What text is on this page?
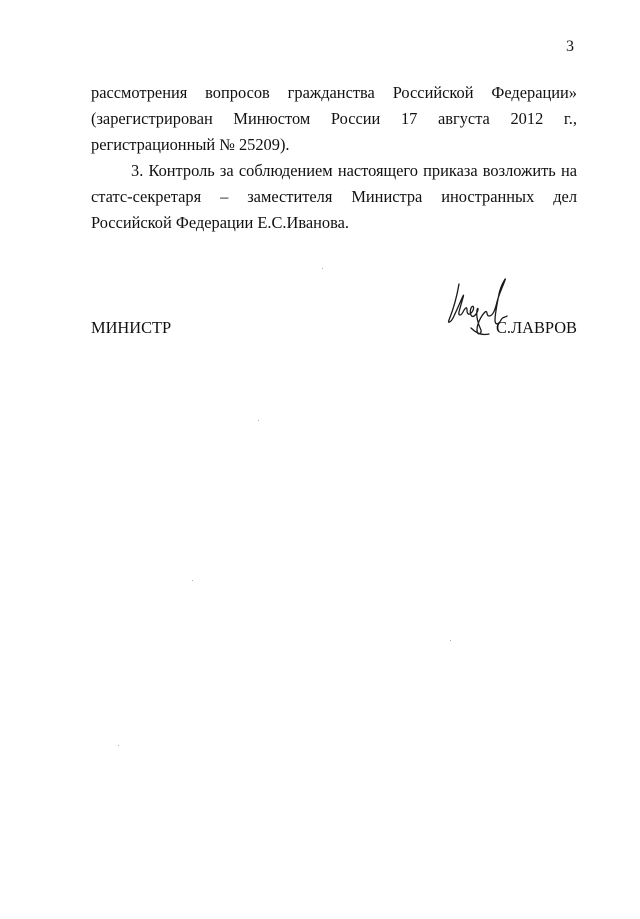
3
рассмотрения вопросов гражданства Российской Федерации» (зарегистрирован Минюстом России 17 августа 2012 г., регистрационный № 25209).
3. Контроль за соблюдением настоящего приказа возложить на статс-секретаря – заместителя Министра иностранных дел Российской Федерации Е.С.Иванова.
МИНИСТР	С.ЛАВРОВ
